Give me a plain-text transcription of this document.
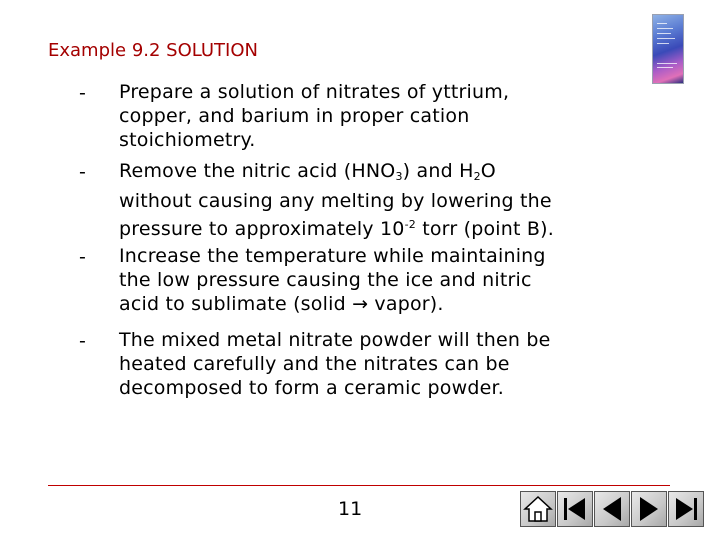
Example 9.2 SOLUTION
- Prepare a solution of nitrates of yttrium,
copper, and barium in proper cation
stoichiometry.
- Remove the nitric acid $(HNO_3)$ and $H_2O$
without causing any melting by lowering the
pressure to approximately $10^{-2}$ torr (point B).
- Increase the temperature while maintaining
the low pressure causing the ice and nitric
acid to sublimate (solid → vapor).
- The mixed metal nitrate powder will then be
heated carefully and the nitrates can be
decomposed to form a ceramic powder.
11
